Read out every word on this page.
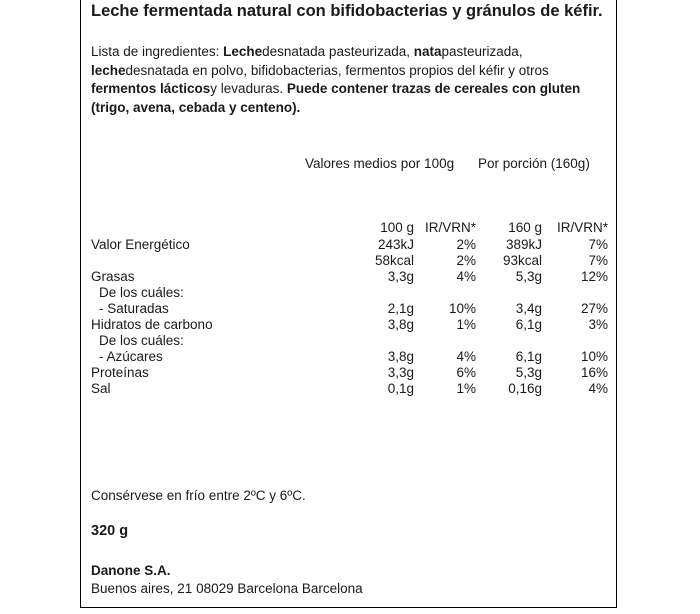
Leche fermentada natural con bifidobacterias y gránulos de kéfir.
Lista de ingredientes: Lechedesnatada pasteurizada, natapasteurizada, lechedesnatada en polvo, bifidobacterias, fermentos propios del kéfir y otros fermentos lácticosy levaduras. Puede contener trazas de cereales con gluten (trigo, avena, cebada y centeno).
Valores medios por 100g Por porción (160g)
100 g IR/VRN* 160 g IR/VRN*
Valor Energético	243kJ	2% 389kJ	7%
58kcal	2% 93kcal	7%
Grasas	3,3g	4%	5,3g	12%
De los cuáles:
- Saturadas	2,1g	10%	3,4g	27%
Hidratos de carbono	3,8g	1%	6,1g	3%
De los cuáles:
- Azúcares	3,8g	4%	6,1g	10%
Proteínas	3,3g	6%	5,3g	16%
Sal	0,1g	1% 0,16g	4%
Consérvese en frío entre 2ºC y 6ºC.
320 g
Danone S.A.
Buenos aires, 21 08029 Barcelona Barcelona
